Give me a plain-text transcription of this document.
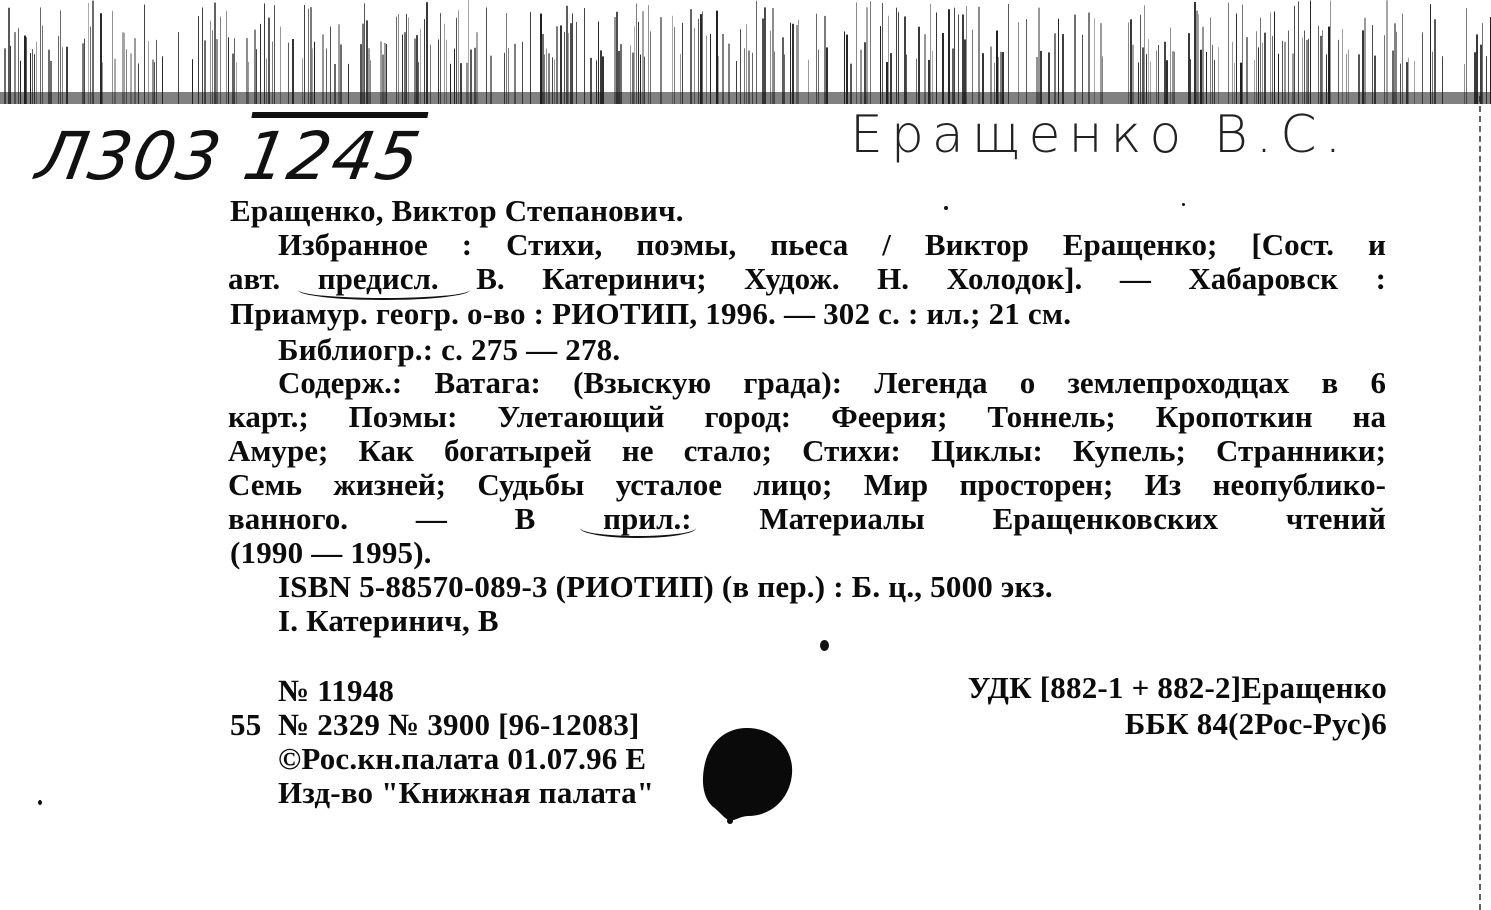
Л303 1245	Еращенко В.С.
Еращенко, Виктор Степанович.
Избранное : Стихи, поэмы, пьеса / Виктор Еращенко; [Сост. и
авт. предисл. В. Катеринич; Худож. Н. Холодок]. — Хабаровск :
Приамур. геогр. о-во : РИОТИП, 1996. — 302 с. : ил.; 21 см.
Библиогр.: с. 275 — 278.
Содерж.: Ватага: (Взыскую града): Легенда о землепроходцах в 6
карт.; Поэмы: Улетающий город: Феерия; Тоннель; Кропоткин на
Амуре; Как богатырей не стало; Стихи: Циклы: Купель; Странники;
Семь жизней; Судьбы усталое лицо; Мир просторен; Из неопублико-
ванного. — В прил.: Материалы Еращенковских чтений
(1990 — 1995).
ISBN 5-88570-089-3 (РИОТИП) (в пер.) : Б. ц., 5000 экз.
I. Катеринич, В
№ 11948
55 № 2329 № 3900 [96-12083]
©Рос.кн.палата 01.07.96 Е
Изд-во "Книжная палата"
УДК [882-1 + 882-2]Еращенко
ББК 84(2Рос-Рус)6
